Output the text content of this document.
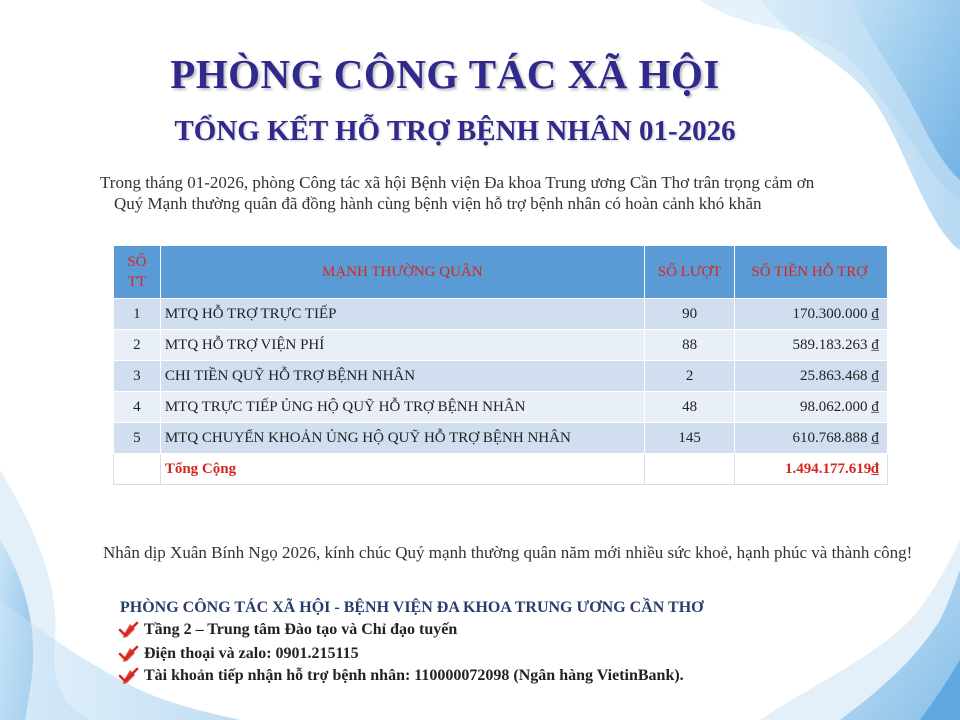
PHÒNG CÔNG TÁC XÃ HỘI
TỔNG KẾT HỖ TRỢ BỆNH NHÂN 01-2026
Trong tháng 01-2026, phòng Công tác xã hội Bệnh viện Đa khoa Trung ương Cần Thơ trân trọng cảm ơn
Quý Mạnh thường quân đã đồng hành cùng bệnh viện hỗ trợ bệnh nhân có hoàn cảnh khó khăn
SỐ TT	MẠNH THƯỜNG QUÂN	SỐ LƯỢT	SỐ TIỀN HỖ TRỢ
1	MTQ HỖ TRỢ TRỰC TIẾP	90	170.300.000 ₫
2	MTQ HỖ TRỢ VIỆN PHÍ	88	589.183.263 ₫
3	CHI TIỀN QUỸ HỖ TRỢ BỆNH NHÂN	2	25.863.468 ₫
4	MTQ TRỰC TIẾP ỦNG HỘ QUỸ HỖ TRỢ BỆNH NHÂN	48	98.062.000 ₫
5	MTQ CHUYỂN KHOẢN ỦNG HỘ QUỸ HỖ TRỢ BỆNH NHÂN	145	610.768.888 ₫
	Tổng Cộng		1.494.177.619₫
Nhân dịp Xuân Bính Ngọ 2026, kính chúc Quý mạnh thường quân năm mới nhiều sức khoẻ, hạnh phúc và thành công!
PHÒNG CÔNG TÁC XÃ HỘI - BỆNH VIỆN ĐA KHOA TRUNG ƯƠNG CẦN THƠ
Tầng 2 – Trung tâm Đào tạo và Chỉ đạo tuyến
Điện thoại và zalo: 0901.215115
Tài khoản tiếp nhận hỗ trợ bệnh nhân: 110000072098 (Ngân hàng VietinBank).
